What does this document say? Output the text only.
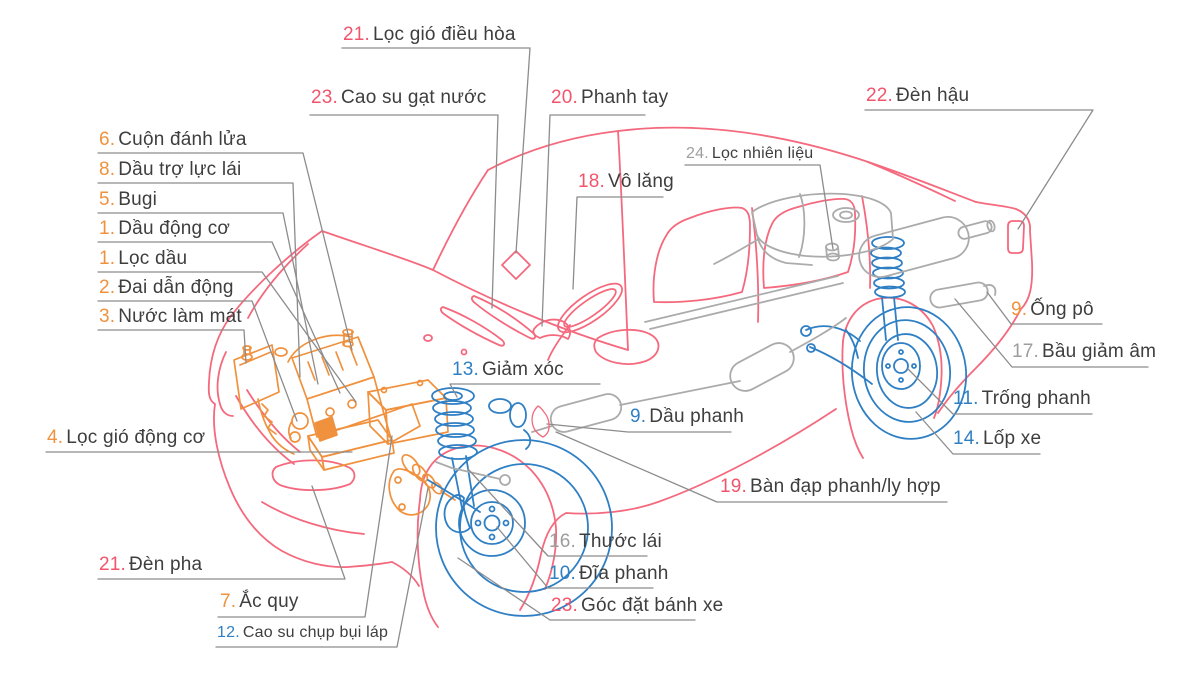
21. Lọc gió điều hòa
23. Cao su gạt nước	20. Phanh tay	22. Đèn hậu
24. Lọc nhiên liệu
18. Vô lăng
6. Cuộn đánh lửa
8. Dầu trợ lực lái
5. Bugi
1. Dầu động cơ
1. Lọc dầu
2. Đai dẫn động
3. Nước làm mát
4. Lọc gió động cơ
21. Đèn pha
7. Ắc quy
12. Cao su chụp bụi láp
13. Giảm xóc
9. Dầu phanh
19. Bàn đạp phanh/ly hợp
16. Thước lái
10. Đĩa phanh
23. Góc đặt bánh xe
9. Ống pô
17. Bầu giảm âm
11. Trống phanh
14. Lốp xe
